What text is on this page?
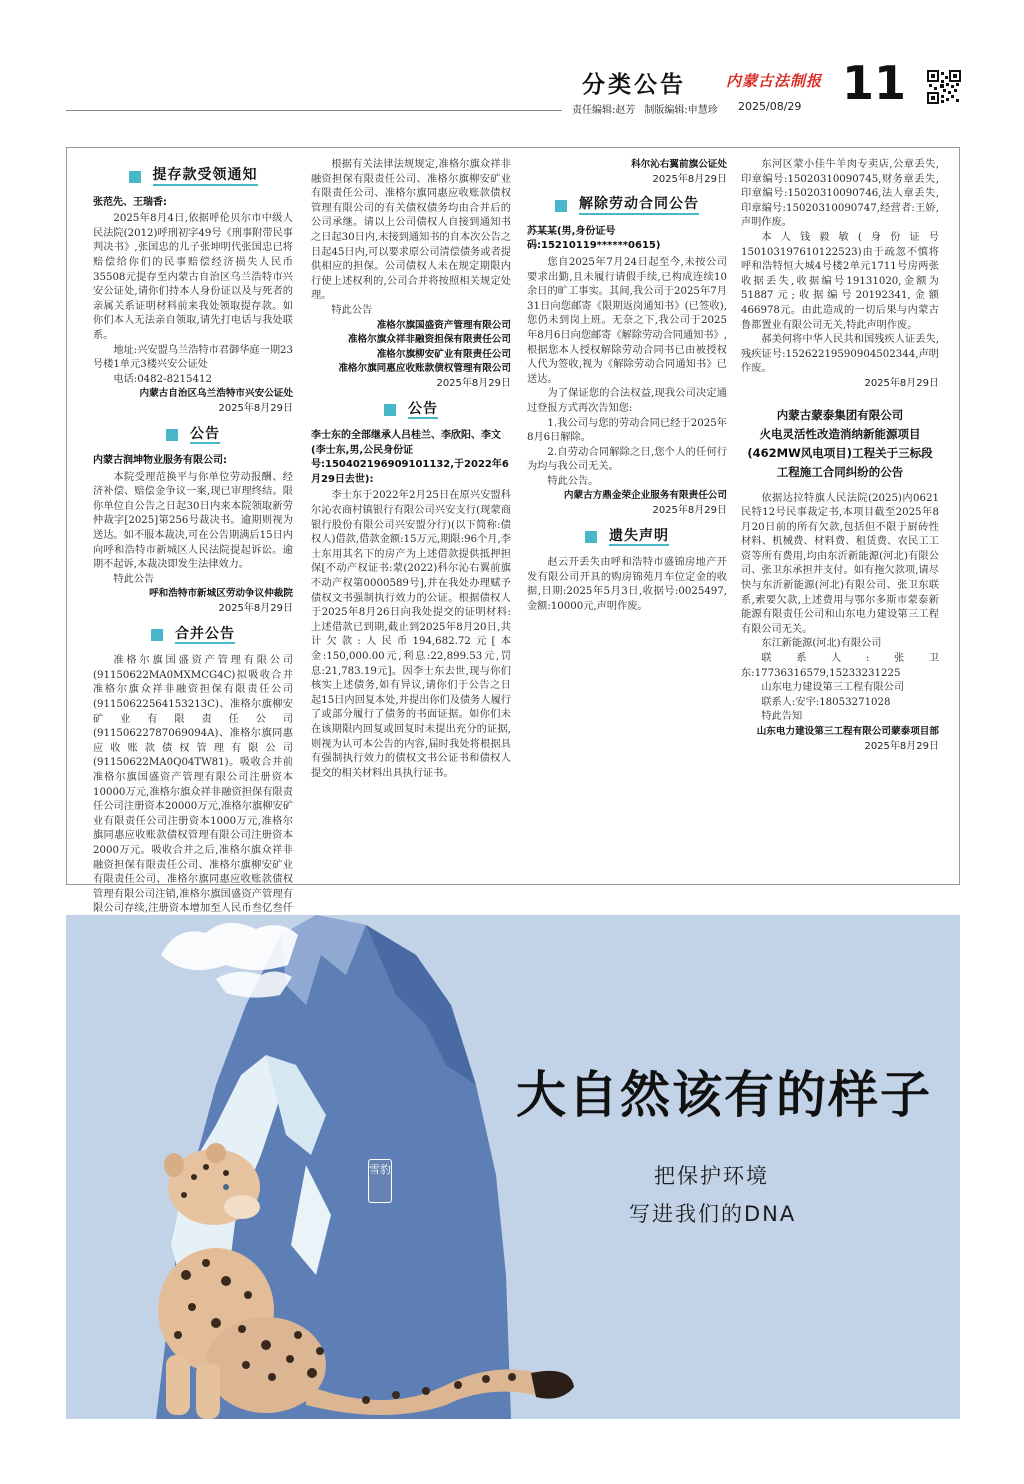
分类公告	内蒙古法制报 11
责任编辑:赵芳 制版编辑:申慧珍	2025/08/29
提存款受领通知
张范先、王瑞香:
2025年8月4日,依据呼伦贝尔市中级人民法院(2012)呼刑初字49号《刑事附带民事判决书》,张国忠的儿子张坤明代张国忠已将赔偿给你们的民事赔偿经济损失人民币35508元提存至内蒙古自治区乌兰浩特市兴安公证处,请你们持本人身份证以及与死者的亲属关系证明材料前来我处领取提存款。如你们本人无法亲自领取,请先打电话与我处联系。
地址:兴安盟乌兰浩特市君御华庭一期23号楼1单元3楼兴安公证处
电话:0482-8215412
内蒙古自治区乌兰浩特市兴安公证处
2025年8月29日
公告
内蒙古润坤物业服务有限公司:
本院受理范换平与你单位劳动报酬、经济补偿、赔偿金争议一案,现已审理终结。限你单位自公告之日起30日内来本院领取新劳仲裁字[2025]第256号裁决书。逾期则视为送达。如不服本裁决,可在公告期满后15日内向呼和浩特市新城区人民法院提起诉讼。逾期不起诉,本裁决即发生法律效力。
特此公告
呼和浩特市新城区劳动争议仲裁院
2025年8月29日
合并公告
准格尔旗国盛资产管理有限公司(91150622MA0MXMCG4C)拟吸收合并准格尔旗众祥非融资担保有限责任公司(91150622564153213C)、准格尔旗柳安矿业有限责任公司(91150622787069094A)、准格尔旗同惠应收账款债权管理有限公司(91150622MA0Q04TW81)。吸收合并前准格尔旗国盛资产管理有限公司注册资本10000万元,准格尔旗众祥非融资担保有限责任公司注册资本20000万元,准格尔旗柳安矿业有限责任公司注册资本1000万元,准格尔旗同惠应收账款债权管理有限公司注册资本2000万元。吸收合并之后,准格尔旗众祥非融资担保有限责任公司、准格尔旗柳安矿业有限责任公司、准格尔旗同惠应收账款债权管理有限公司注销,准格尔旗国盛资产管理有限公司存续,注册资本增加至人民币叁亿叁仟
根据有关法律法规规定,准格尔旗众祥非融资担保有限责任公司、准格尔旗柳安矿业有限责任公司、准格尔旗同惠应收账款债权管理有限公司的有关债权债务均由合并后的公司承继。请以上公司债权人自接到通知书之日起30日内,未接到通知书的自本次公告之日起45日内,可以要求原公司清偿债务或者提供相应的担保。公司债权人未在规定期限内行使上述权利的,公司合并将按照相关规定处理。
特此公告
准格尔旗国盛资产管理有限公司
准格尔旗众祥非融资担保有限责任公司
准格尔旗柳安矿业有限责任公司
准格尔旗同惠应收账款债权管理有限公司
2025年8月29日
公告
李士东的全部继承人吕桂兰、李欣阳、李文(李士东,男,公民身份证号:150402196909101132,于2022年6月29日去世):
李士东于2022年2月25日在原兴安盟科尔沁农商村镇银行有限公司兴安支行(现蒙商银行股份有限公司兴安盟分行)(以下简称:债权人)借款,借款金额:15万元,期限:96个月,李士东用其名下的房产为上述借款提供抵押担保[不动产权证书:蒙(2022)科尔沁右翼前旗不动产权第0000589号],并在我处办理赋予债权文书强制执行效力的公证。根据债权人于2025年8月26日向我处提交的证明材料:上述借款已到期,截止到2025年8月20日,共计欠款:人民币194,682.72元[本金:150,000.00元,利息:22,899.53元,罚息:21,783.19元]。因李士东去世,现与你们核实上述债务,如有异议,请你们于公告之日起15日内回复本处,并提出你们及债务人履行了或部分履行了债务的书面证据。如你们未在该期限内回复或回复时未提出充分的证据,则视为认可本公告的内容,届时我处将根据具有强制执行效力的债权文书公证书和债权人提交的相关材料出具执行证书。
科尔沁右翼前旗公证处
2025年8月29日
解除劳动合同公告
苏某某(男,身份证号码:15210119******0615)
您自2025年7月24日起至今,未按公司要求出勤,且未履行请假手续,已构成连续10余日的旷工事实。其间,我公司于2025年7月31日向您邮寄《限期返岗通知书》(已签收),您仍未到岗上班。无奈之下,我公司于2025年8月6日向您邮寄《解除劳动合同通知书》,根据您本人授权解除劳动合同书已由被授权人代为签收,视为《解除劳动合同通知书》已送达。
为了保证您的合法权益,现我公司决定通过登报方式再次告知您:
1.我公司与您的劳动合同已经于2025年8月6日解除。
2.自劳动合同解除之日,您个人的任何行为均与我公司无关。
特此公告。
内蒙古方鼎金荣企业服务有限责任公司
2025年8月29日
遗失声明
赵云开丢失由呼和浩特市盛锦房地产开发有限公司开具的购房锦苑月车位定金的收据,日期:2025年5月3日,收据号:0025497,金额:10000元,声明作废。
东河区蒙小佳牛羊肉专卖店,公章丢失,印章编号:15020310090745,财务章丢失,印章编号:15020310090746,法人章丢失,印章编号:15020310090747,经营者:王娇,声明作废。
本人钱毅敏(身份证号150103197610122523)由于疏忽不慎将呼和浩特恒大城4号楼2单元1711号房两张收据丢失,收据编号19131020,金额为51887元;收据编号20192341,金额466978元。由此造成的一切后果与内蒙古鲁都置业有限公司无关,特此声明作废。
郝美何将中华人民共和国残疾人证丢失,残疾证号:15262219590904502344,声明作废。
2025年8月29日
内蒙古蒙泰集团有限公司
火电灵活性改造消纳新能源项目
(462MW风电项目)工程关于三标段
工程施工合同纠纷的公告
依据达拉特旗人民法院(2025)内0621民特12号民事裁定书,本项目截至2025年8月20日前的所有欠款,包括但不限于厨砖性材料、机械费、材料费、租赁费、农民工工资等所有费用,均由东沂新能源(河北)有限公司、张卫东承担并支付。如有拖欠款项,请尽快与东沂新能源(河北)有限公司、张卫东联系,索要欠款,上述费用与鄂尔多斯市蒙泰新能源有限责任公司和山东电力建设第三工程有限公司无关。
东江新能源(河北)有限公司
联系人:张卫东:17736316579,15233231225
山东电力建设第三工程有限公司
联系人:安宇:18053271028
特此告知
山东电力建设第三工程有限公司蒙泰项目部
2025年8月29日
雪豹
大自然该有的样子
把保护环境
写进我们的DNA
